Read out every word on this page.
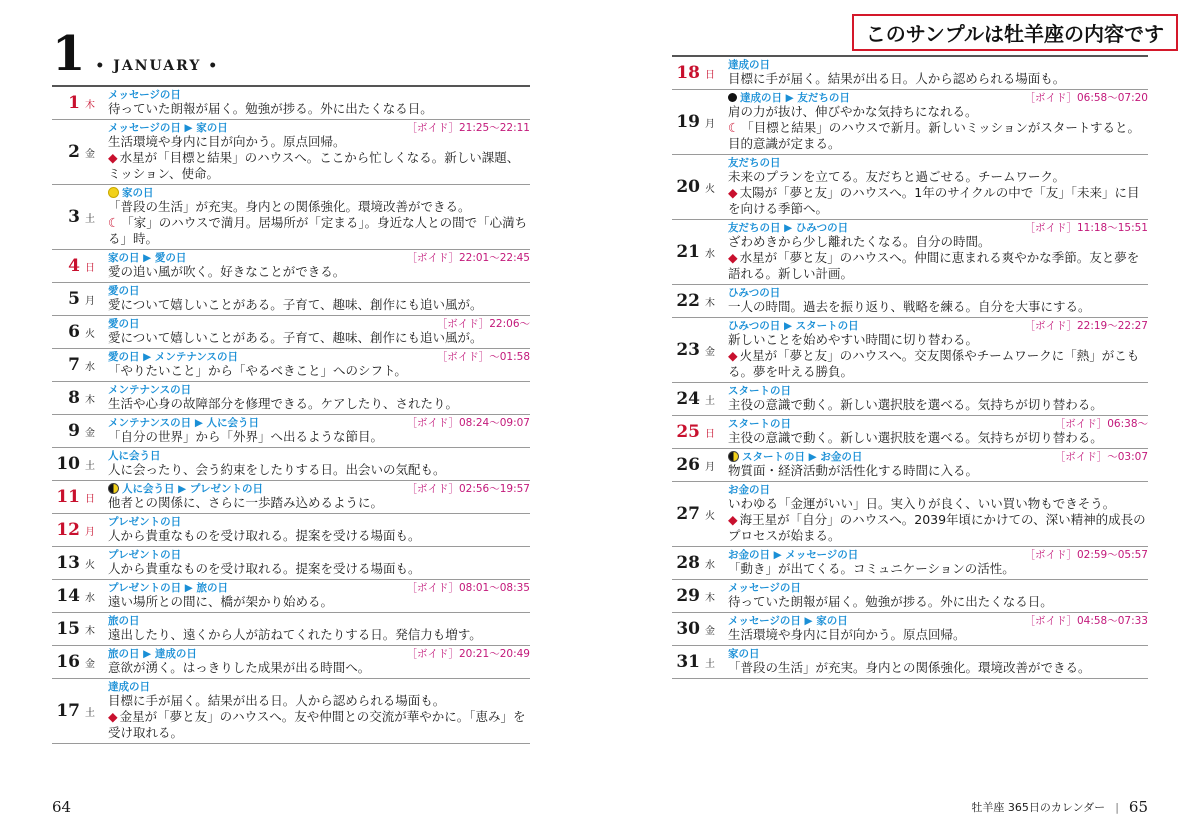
1 • JANUARY •
1 木
メッセージの日
待っていた朗報が届く。勉強が捗る。外に出たくなる日。
2 金
メッセージの日 ▶ 家の日	［ボイド］21:25〜22:11
生活環境や身内に目が向かう。原点回帰。
◆ 水星が「目標と結果」のハウスへ。ここから忙しくなる。新しい課題、ミッション、使命。
3 土
家の日
「普段の生活」が充実。身内との関係強化。環境改善ができる。
☾ 「家」のハウスで満月。居場所が「定まる」。身近な人との間で「心満ちる」時。
4 日
家の日 ▶ 愛の日	［ボイド］22:01〜22:45
愛の追い風が吹く。好きなことができる。
5 月
愛の日
愛について嬉しいことがある。子育て、趣味、創作にも追い風が。
6 火
愛の日	［ボイド］22:06〜
愛について嬉しいことがある。子育て、趣味、創作にも追い風が。
7 水
愛の日 ▶ メンテナンスの日	［ボイド］〜01:58
「やりたいこと」から「やるべきこと」へのシフト。
8 木
メンテナンスの日
生活や心身の故障部分を修理できる。ケアしたり、されたり。
9 金
メンテナンスの日 ▶ 人に会う日	［ボイド］08:24〜09:07
「自分の世界」から「外界」へ出るような節目。
10 土
人に会う日
人に会ったり、会う約束をしたりする日。出会いの気配も。
11 日
人に会う日 ▶ プレゼントの日	［ボイド］02:56〜19:57
他者との関係に、さらに一歩踏み込めるように。
12 月
プレゼントの日
人から貴重なものを受け取れる。提案を受ける場面も。
13 火
プレゼントの日
人から貴重なものを受け取れる。提案を受ける場面も。
14 水
プレゼントの日 ▶ 旅の日	［ボイド］08:01〜08:35
遠い場所との間に、橋が架かり始める。
15 木
旅の日
遠出したり、遠くから人が訪ねてくれたりする日。発信力も増す。
16 金
旅の日 ▶ 達成の日	［ボイド］20:21〜20:49
意欲が湧く。はっきりした成果が出る時間へ。
17 土
達成の日
目標に手が届く。結果が出る日。人から認められる場面も。
◆ 金星が「夢と友」のハウスへ。友や仲間との交流が華やかに。「恵み」を受け取れる。
64
このサンプルは牡羊座の内容です
18 日
達成の日
目標に手が届く。結果が出る日。人から認められる場面も。
19 月
達成の日 ▶ 友だちの日	［ボイド］06:58〜07:20
肩の力が抜け、伸びやかな気持ちになれる。
☾ 「目標と結果」のハウスで新月。新しいミッションがスタートすると。目的意識が定まる。
20 火
友だちの日
未来のプランを立てる。友だちと過ごせる。チームワーク。
◆ 太陽が「夢と友」のハウスへ。1年のサイクルの中で「友」「未来」に目を向ける季節へ。
21 水
友だちの日 ▶ ひみつの日	［ボイド］11:18〜15:51
ざわめきから少し離れたくなる。自分の時間。
◆ 水星が「夢と友」のハウスへ。仲間に恵まれる爽やかな季節。友と夢を語れる。新しい計画。
22 木
ひみつの日
一人の時間。過去を振り返り、戦略を練る。自分を大事にする。
23 金
ひみつの日 ▶ スタートの日	［ボイド］22:19〜22:27
新しいことを始めやすい時間に切り替わる。
◆ 火星が「夢と友」のハウスへ。交友関係やチームワークに「熱」がこもる。夢を叶える勝負。
24 土
スタートの日
主役の意識で動く。新しい選択肢を選べる。気持ちが切り替わる。
25 日
スタートの日	［ボイド］06:38〜
主役の意識で動く。新しい選択肢を選べる。気持ちが切り替わる。
26 月
スタートの日 ▶ お金の日	［ボイド］〜03:07
物質面・経済活動が活性化する時間に入る。
27 火
お金の日
いわゆる「金運がいい」日。実入りが良く、いい買い物もできそう。
◆ 海王星が「自分」のハウスへ。2039年頃にかけての、深い精神的成長のプロセスが始まる。
28 水
お金の日 ▶ メッセージの日	［ボイド］02:59〜05:57
「動き」が出てくる。コミュニケーションの活性。
29 木
メッセージの日
待っていた朗報が届く。勉強が捗る。外に出たくなる日。
30 金
メッセージの日 ▶ 家の日	［ボイド］04:58〜07:33
生活環境や身内に目が向かう。原点回帰。
31 土
家の日
「普段の生活」が充実。身内との関係強化。環境改善ができる。
牡羊座 365日のカレンダー | 65
